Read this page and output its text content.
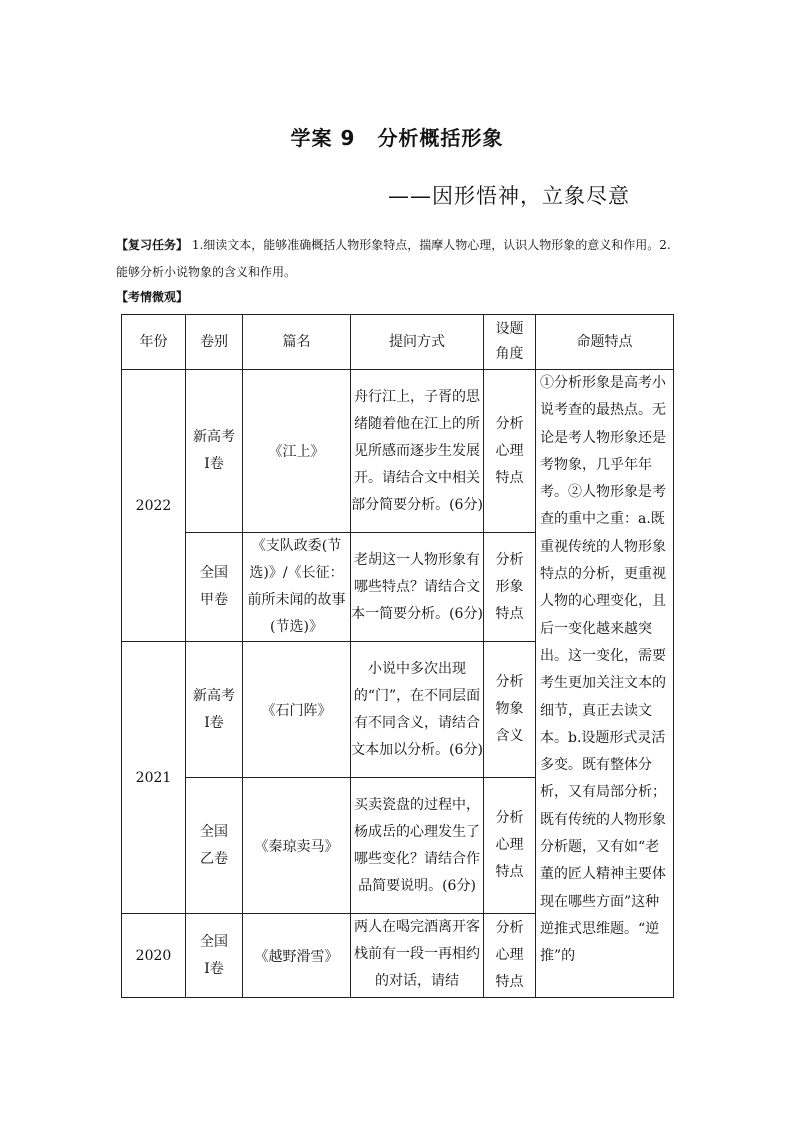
学案 9 分析概括形象
——因形悟神，立象尽意
【复习任务】 1.细读文本，能够准确概括人物形象特点，揣摩人物心理，认识人物形象的意义和作用。2.能够分析小说物象的含义和作用。
【考情微观】
年份	卷别	篇名	提问方式	设题角度	命题特点
2022	新高考Ⅰ卷	《江上》	舟行江上，子胥的思绪随着他在江上的所见所感而逐步生发展开。请结合文中相关部分简要分析。(6分)	分析心理特点	①分析形象是高考小说考查的最热点。无论是考人物形象还是考物象，几乎年年考。②人物形象是考查的重中之重：a.既重视传统的人物形象特点的分析，更重视人物的心理变化，且后一变化越来越突出。这一变化，需要考生更加关注文本的细节，真正去读文本。b.设题形式灵活多变。既有整体分析，又有局部分析；既有传统的人物形象分析题，又有如“老董的匠人精神主要体现在哪些方面”这种逆推式思维题。“逆推”的

	全国甲卷	《支队政委(节选)》/《长征：前所未闻的故事(节选)》	老胡这一人物形象有哪些特点？请结合文本一简要分析。(6分)	分析形象特点	

2021	新高考Ⅰ卷	《石门阵》	小说中多次出现的“门”，在不同层面有不同含义，请结合文本加以分析。(6分)	分析物象含义	

	全国乙卷	《秦琼卖马》	买卖瓷盘的过程中，杨成岳的心理发生了哪些变化？请结合作品简要说明。(6分)	分析心理特点	

2020	全国Ⅰ卷	《越野滑雪》	两人在喝完酒离开客栈前有一段一再相约的对话，请结	分析心理特点	
